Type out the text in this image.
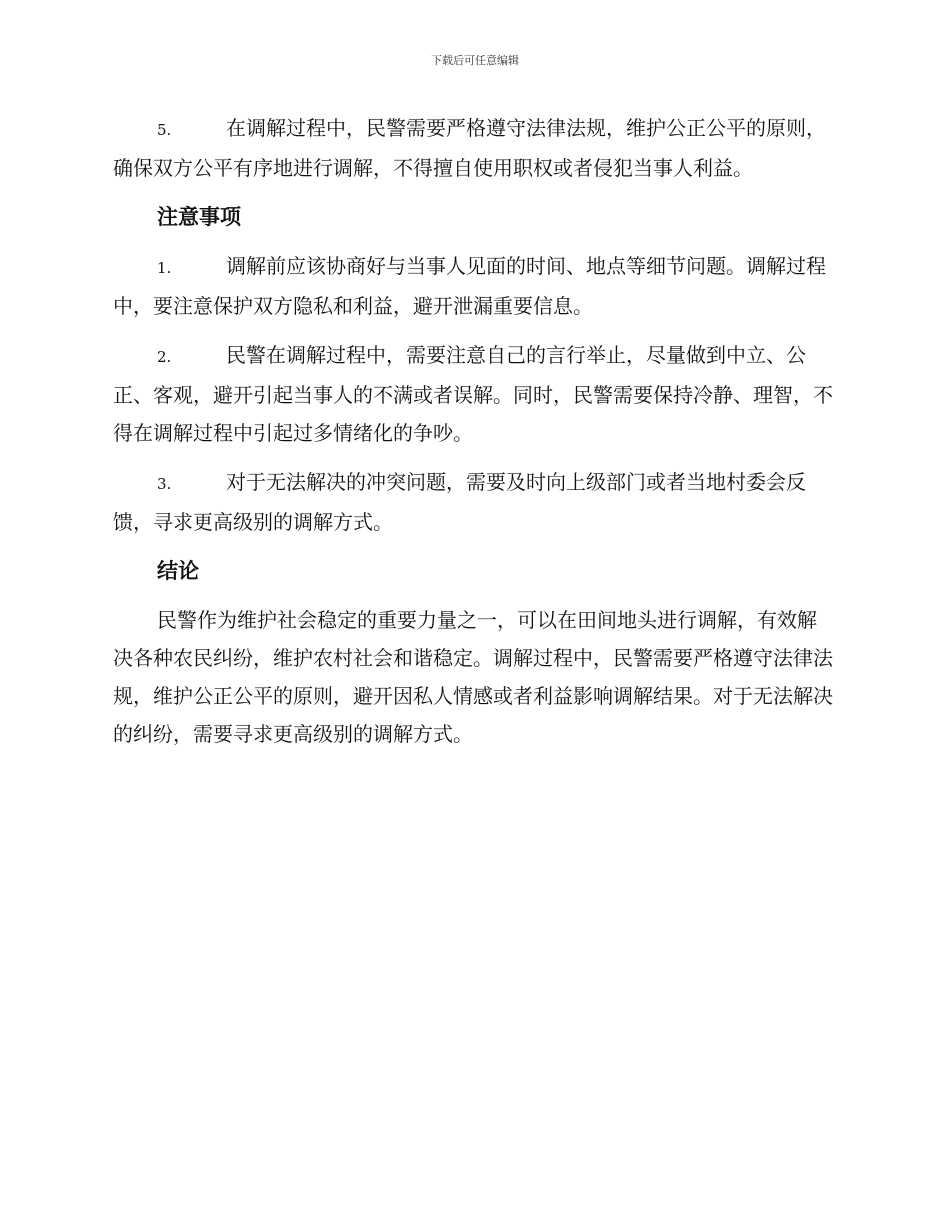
下载后可任意编辑

5.	在调解过程中，民警需要严格遵守法律法规，维护公正公平的原则，确保双方公平有序地进行调解，不得擅自使用职权或者侵犯当事人利益。

注意事项

1.	调解前应该协商好与当事人见面的时间、地点等细节问题。调解过程中，要注意保护双方隐私和利益，避开泄漏重要信息。

2.	民警在调解过程中，需要注意自己的言行举止，尽量做到中立、公正、客观，避开引起当事人的不满或者误解。同时，民警需要保持冷静、理智，不得在调解过程中引起过多情绪化的争吵。

3.	对于无法解决的冲突问题，需要及时向上级部门或者当地村委会反馈，寻求更高级别的调解方式。

结论

民警作为维护社会稳定的重要力量之一，可以在田间地头进行调解，有效解决各种农民纠纷，维护农村社会和谐稳定。调解过程中，民警需要严格遵守法律法规，维护公正公平的原则，避开因私人情感或者利益影响调解结果。对于无法解决的纠纷，需要寻求更高级别的调解方式。
